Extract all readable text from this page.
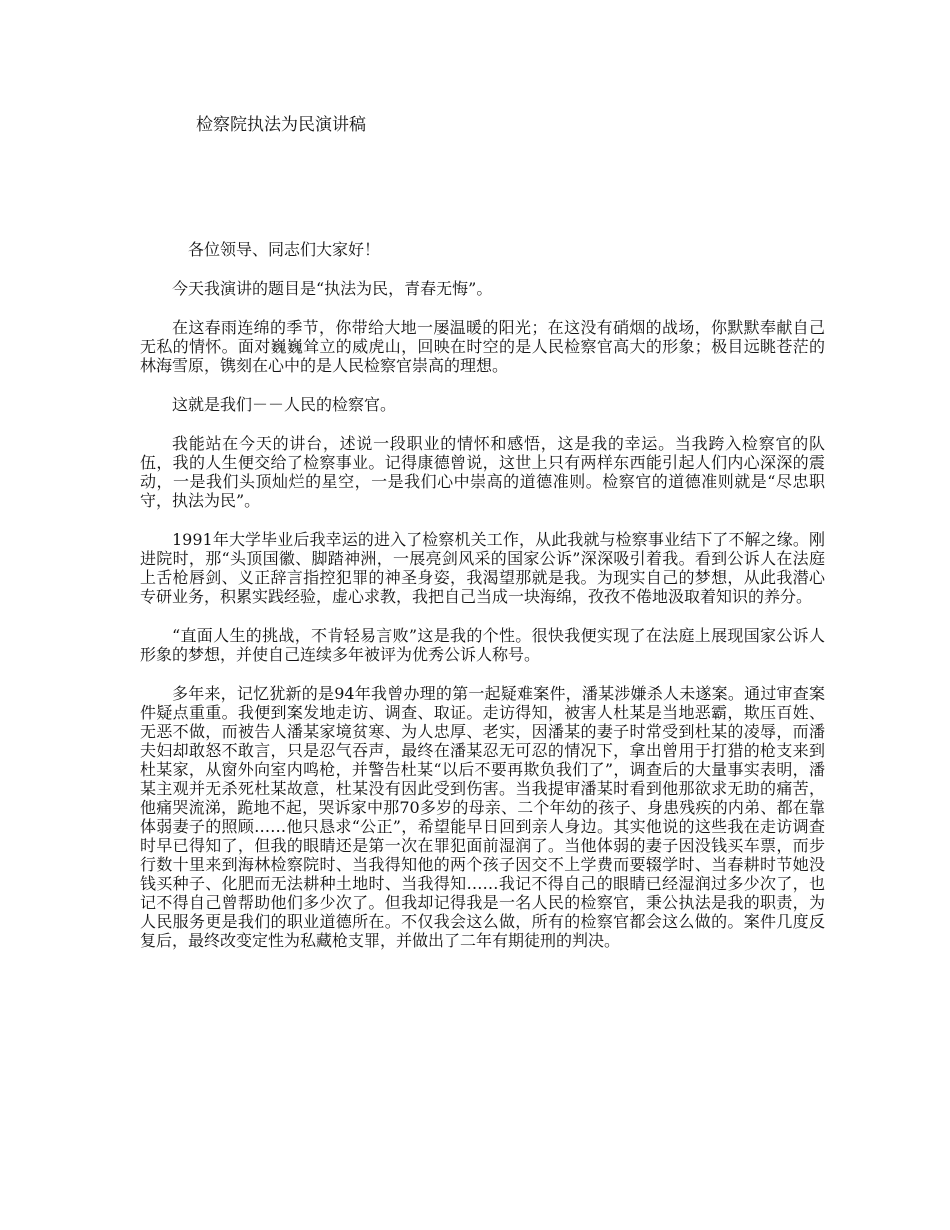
检察院执法为民演讲稿

各位领导、同志们大家好！

今天我演讲的题目是“执法为民，青春无悔”。

在这春雨连绵的季节，你带给大地一屡温暖的阳光；在这没有硝烟的战场，你默默奉献自己无私的情怀。面对巍巍耸立的威虎山，回映在时空的是人民检察官高大的形象；极目远眺苍茫的林海雪原，镌刻在心中的是人民检察官崇高的理想。

这就是我们－－人民的检察官。

我能站在今天的讲台，述说一段职业的情怀和感悟，这是我的幸运。当我跨入检察官的队伍，我的人生便交给了检察事业。记得康德曾说，这世上只有两样东西能引起人们内心深深的震动，一是我们头顶灿烂的星空，一是我们心中崇高的道德准则。检察官的道德准则就是“尽忠职守，执法为民”。

1991年大学毕业后我幸运的进入了检察机关工作，从此我就与检察事业结下了不解之缘。刚进院时，那“头顶国徽、脚踏神洲，一展亮剑风采的国家公诉”深深吸引着我。看到公诉人在法庭上舌枪唇剑、义正辞言指控犯罪的神圣身姿，我渴望那就是我。为现实自己的梦想，从此我潜心专研业务，积累实践经验，虚心求教，我把自己当成一块海绵，孜孜不倦地汲取着知识的养分。

“直面人生的挑战，不肯轻易言败”这是我的个性。很快我便实现了在法庭上展现国家公诉人形象的梦想，并使自己连续多年被评为优秀公诉人称号。

多年来，记忆犹新的是94年我曾办理的第一起疑难案件，潘某涉嫌杀人未遂案。通过审查案件疑点重重。我便到案发地走访、调查、取证。走访得知，被害人杜某是当地恶霸，欺压百姓、无恶不做，而被告人潘某家境贫寒、为人忠厚、老实，因潘某的妻子时常受到杜某的凌辱，而潘夫妇却敢怒不敢言，只是忍气吞声，最终在潘某忍无可忍的情况下，拿出曾用于打猎的枪支来到杜某家，从窗外向室内鸣枪，并警告杜某“以后不要再欺负我们了”，调查后的大量事实表明，潘某主观并无杀死杜某故意，杜某没有因此受到伤害。当我提审潘某时看到他那欲求无助的痛苦，他痛哭流涕，跪地不起，哭诉家中那70多岁的母亲、二个年幼的孩子、身患残疾的内弟、都在靠体弱妻子的照顾……他只恳求“公正”，希望能早日回到亲人身边。其实他说的这些我在走访调查时早已得知了，但我的眼睛还是第一次在罪犯面前湿润了。当他体弱的妻子因没钱买车票，而步行数十里来到海林检察院时、当我得知他的两个孩子因交不上学费而要辍学时、当春耕时节她没钱买种子、化肥而无法耕种土地时、当我得知……我记不得自己的眼睛已经湿润过多少次了，也记不得自己曾帮助他们多少次了。但我却记得我是一名人民的检察官，秉公执法是我的职责，为人民服务更是我们的职业道德所在。不仅我会这么做，所有的检察官都会这么做的。案件几度反复后，最终改变定性为私藏枪支罪，并做出了二年有期徒刑的判决。
